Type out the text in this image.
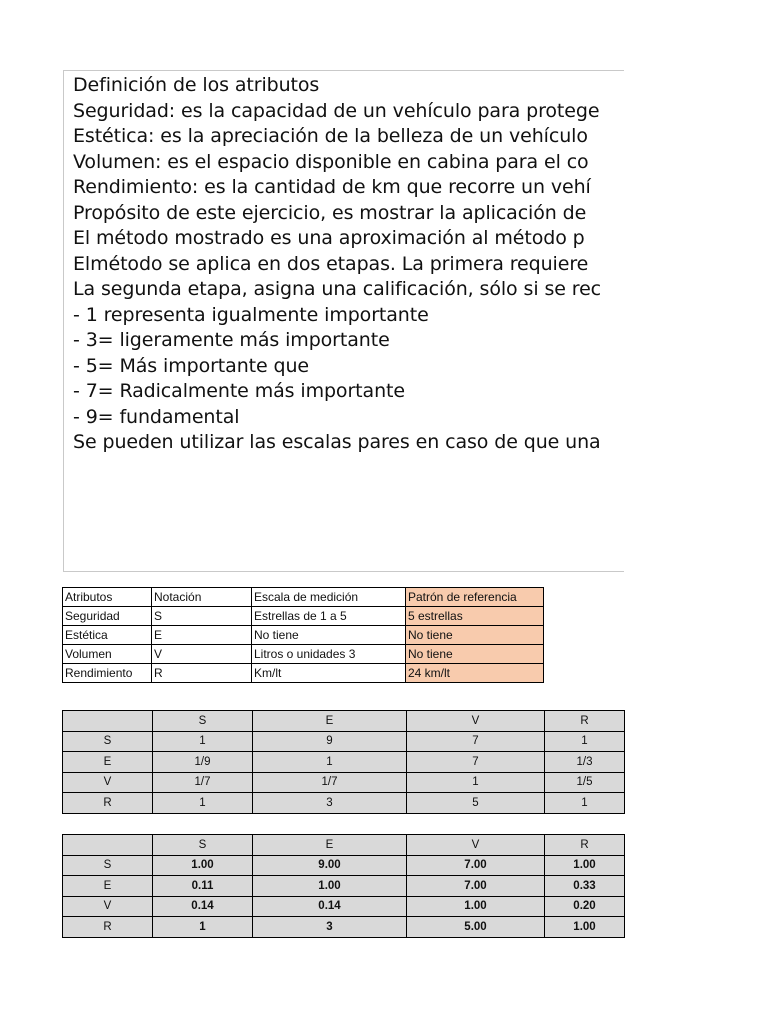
Definición de los atributos
Seguridad: es la capacidad de un vehículo para protege
Estética: es la apreciación de la belleza de un vehículo
Volumen: es el espacio disponible en cabina para el co
Rendimiento: es la cantidad de km que recorre un vehí
Propósito de este ejercicio, es mostrar la aplicación de
El método mostrado es una aproximación al método p
Elmétodo se aplica en dos etapas. La primera requiere
La segunda etapa, asigna una calificación, sólo si se rec
- 1 representa igualmente importante
- 3= ligeramente más importante
- 5= Más importante que
- 7= Radicalmente más importante
- 9= fundamental
Se pueden utilizar las escalas pares en caso de que una
Atributos	Notación	Escala de medición	Patrón de referencia
Seguridad	S	Estrellas de 1 a 5	5 estrellas
Estética	E	No tiene	No tiene
Volumen	V	Litros o unidades 3	No tiene
Rendimiento	R	Km/lt	24 km/lt
	S	E	V	R
S	1	9	7	1
E	1/9	1	7	1/3
V	1/7	1/7	1	1/5
R	1	3	5	1
	S	E	V	R
S	1.00	9.00	7.00	1.00
E	0.11	1.00	7.00	0.33
V	0.14	0.14	1.00	0.20
R	1	3	5.00	1.00
